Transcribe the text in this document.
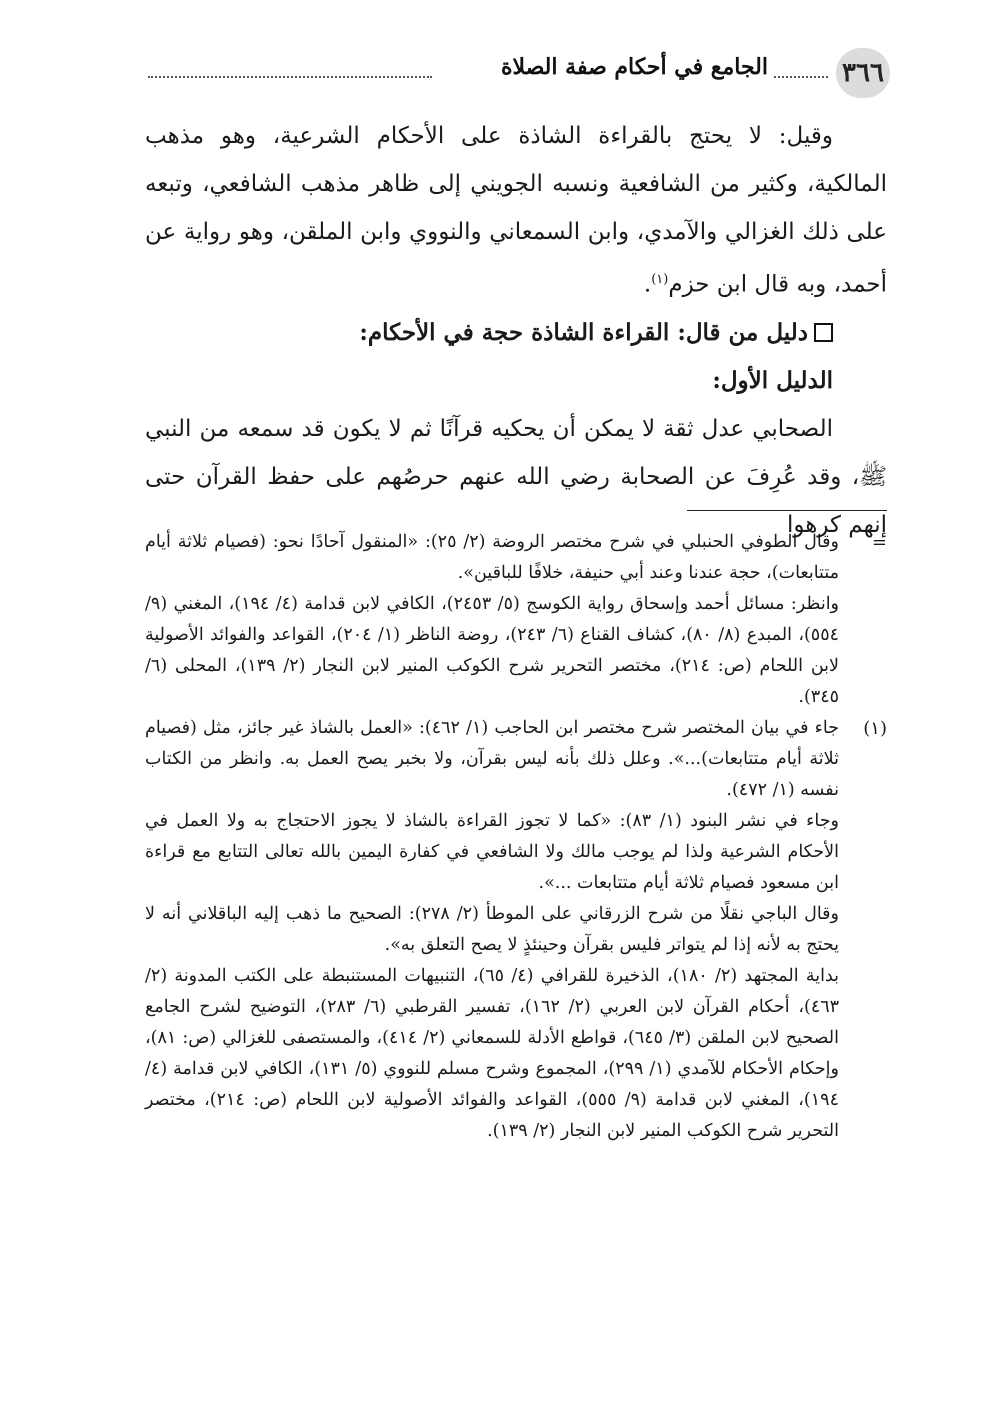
٣٦٦
الجامع في أحكام صفة الصلاة

وقيل: لا يحتج بالقراءة الشاذة على الأحكام الشرعية، وهو مذهب المالكية، وكثير من الشافعية ونسبه الجويني إلى ظاهر مذهب الشافعي، وتبعه على ذلك الغزالي والآمدي، وابن السمعاني والنووي وابن الملقن، وهو رواية عن أحمد، وبه قال ابن حزم$^{(١)}$.

دليل من قال: القراءة الشاذة حجة في الأحكام:

الدليل الأول:

الصحابي عدل ثقة لا يمكن أن يحكيه قرآنًا ثم لا يكون قد سمعه من النبي ﷺ، وقد عُرِفَ عن الصحابة رضي الله عنهم حرصُهم على حفظ القرآن حتى إنهم كرهوا

=

وقال الطوفي الحنبلي في شرح مختصر الروضة (٢/ ٢٥): «المنقول آحادًا نحو: (فصيام ثلاثة أيام متتابعات)، حجة عندنا وعند أبي حنيفة، خلافًا للباقين».

وانظر: مسائل أحمد وإسحاق رواية الكوسج (٥/ ٢٤٥٣)، الكافي لابن قدامة (٤/ ١٩٤)، المغني (٩/ ٥٥٤)، المبدع (٨/ ٨٠)، كشاف القناع (٦/ ٢٤٣)، روضة الناظر (١/ ٢٠٤)، القواعد والفوائد الأصولية لابن اللحام (ص: ٢١٤)، مختصر التحرير شرح الكوكب المنير لابن النجار (٢/ ١٣٩)، المحلى (٦/ ٣٤٥).

(١)

جاء في بيان المختصر شرح مختصر ابن الحاجب (١/ ٤٦٢): «العمل بالشاذ غير جائز، مثل (فصيام ثلاثة أيام متتابعات)...». وعلل ذلك بأنه ليس بقرآن، ولا بخبر يصح العمل به. وانظر من الكتاب نفسه (١/ ٤٧٢).

وجاء في نشر البنود (١/ ٨٣): «كما لا تجوز القراءة بالشاذ لا يجوز الاحتجاج به ولا العمل في الأحكام الشرعية ولذا لم يوجب مالك ولا الشافعي في كفارة اليمين بالله تعالى التتابع مع قراءة ابن مسعود فصيام ثلاثة أيام متتابعات ...».

وقال الباجي نقلًا من شرح الزرقاني على الموطأ (٢/ ٢٧٨): الصحيح ما ذهب إليه الباقلاني أنه لا يحتج به لأنه إذا لم يتواتر فليس بقرآن وحينئذٍ لا يصح التعلق به».

بداية المجتهد (٢/ ١٨٠)، الذخيرة للقرافي (٤/ ٦٥)، التنبيهات المستنبطة على الكتب المدونة (٢/ ٤٦٣)، أحكام القرآن لابن العربي (٢/ ١٦٢)، تفسير القرطبي (٦/ ٢٨٣)، التوضيح لشرح الجامع الصحيح لابن الملقن (٣/ ٦٤٥)، قواطع الأدلة للسمعاني (٢/ ٤١٤)، والمستصفى للغزالي (ص: ٨١)، وإحكام الأحكام للآمدي (١/ ٢٩٩)، المجموع وشرح مسلم للنووي (٥/ ١٣١)، الكافي لابن قدامة (٤/ ١٩٤)، المغني لابن قدامة (٩/ ٥٥٥)، القواعد والفوائد الأصولية لابن اللحام (ص: ٢١٤)، مختصر التحرير شرح الكوكب المنير لابن النجار (٢/ ١٣٩).
